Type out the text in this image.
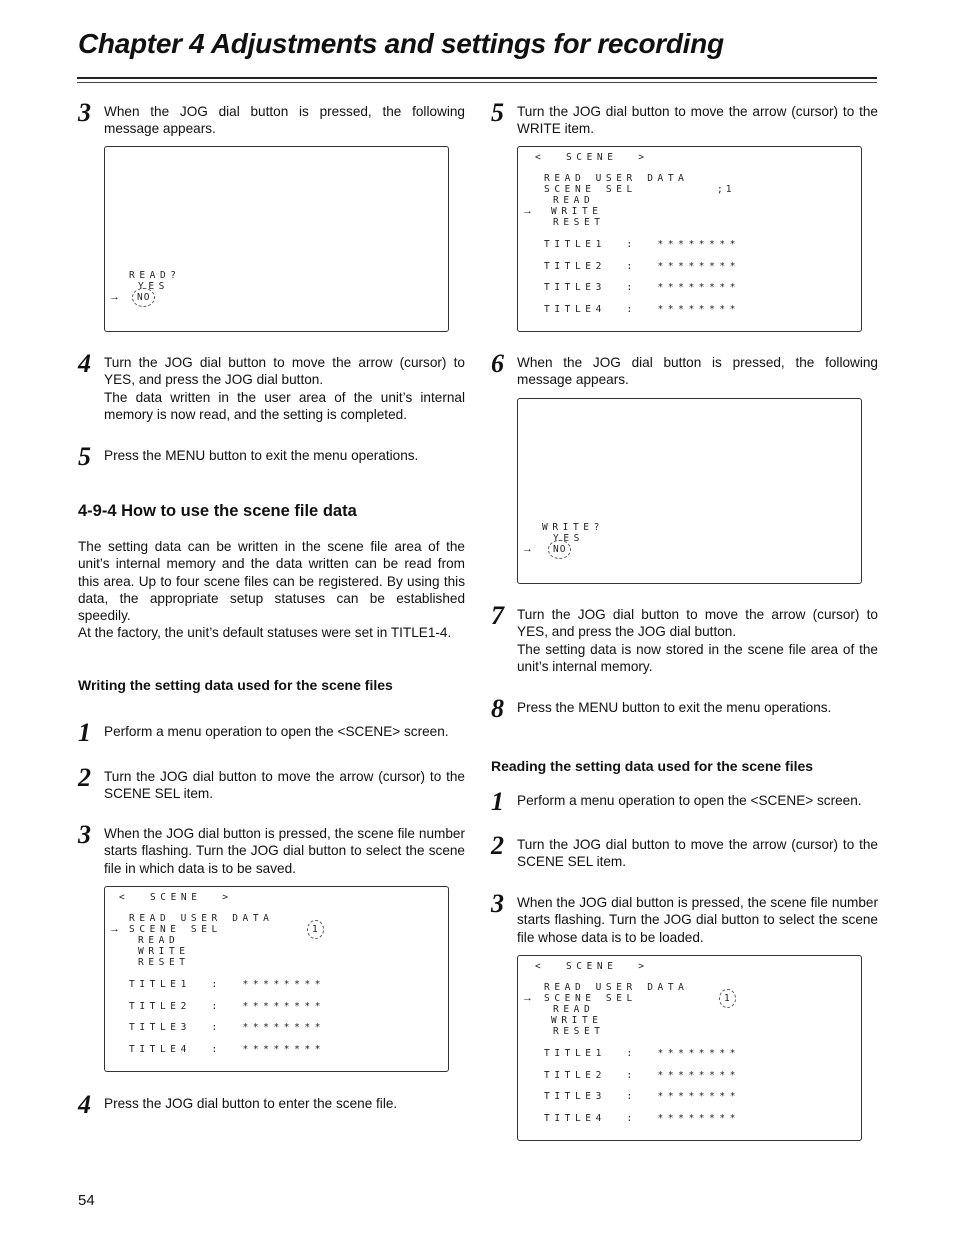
Chapter 4 Adjustments and settings for recording
3 When the JOG dial button is pressed, the following message appears.
READ?
YES
→ NO
4 Turn the JOG dial button to move the arrow (cursor) to YES, and press the JOG dial button.

The data written in the user area of the unit’s internal memory is now read, and the setting is completed.

5 Press the MENU button to exit the menu operations.
4-9-4 How to use the scene file data

The setting data can be written in the scene file area of the unit’s internal memory and the data written can be read from this area. Up to four scene files can be registered. By using this data, the appropriate setup statuses can be established speedily.

At the factory, the unit’s default statuses were set in TITLE1-4.

Writing the setting data used for the scene files
1 Perform a menu operation to open the <SCENE> screen.
2 Turn the JOG dial button to move the arrow (cursor) to the SCENE SEL item.
3 When the JOG dial button is pressed, the scene file number starts flashing. Turn the JOG dial button to select the scene file in which data is to be saved.
<  SCENE  >
READ USER DATA
→ SCENE SEL	1
READ
WRITE
RESET
TITLE1  :  ********
TITLE2  :  ********
TITLE3  :  ********
TITLE4  :  ********
4 Press the JOG dial button to enter the scene file.
5 Turn the JOG dial button to move the arrow (cursor) to the WRITE item.
<  SCENE  >
READ USER DATA
SCENE SEL	;1
READ
→ WRITE
RESET
TITLE1  :  ********
TITLE2  :  ********
TITLE3  :  ********
TITLE4  :  ********
6 When the JOG dial button is pressed, the following message appears.
WRITE?
YES
→ NO
7 Turn the JOG dial button to move the arrow (cursor) to YES, and press the JOG dial button.

The setting data is now stored in the scene file area of the unit’s internal memory.

8 Press the MENU button to exit the menu operations.
Reading the setting data used for the scene files
1 Perform a menu operation to open the <SCENE> screen.
2 Turn the JOG dial button to move the arrow (cursor) to the SCENE SEL item.
3 When the JOG dial button is pressed, the scene file number starts flashing. Turn the JOG dial button to select the scene file whose data is to be loaded.
<  SCENE  >
READ USER DATA
→ SCENE SEL	1
READ
WRITE
RESET
TITLE1  :  ********
TITLE2  :  ********
TITLE3  :  ********
TITLE4  :  ********
54
